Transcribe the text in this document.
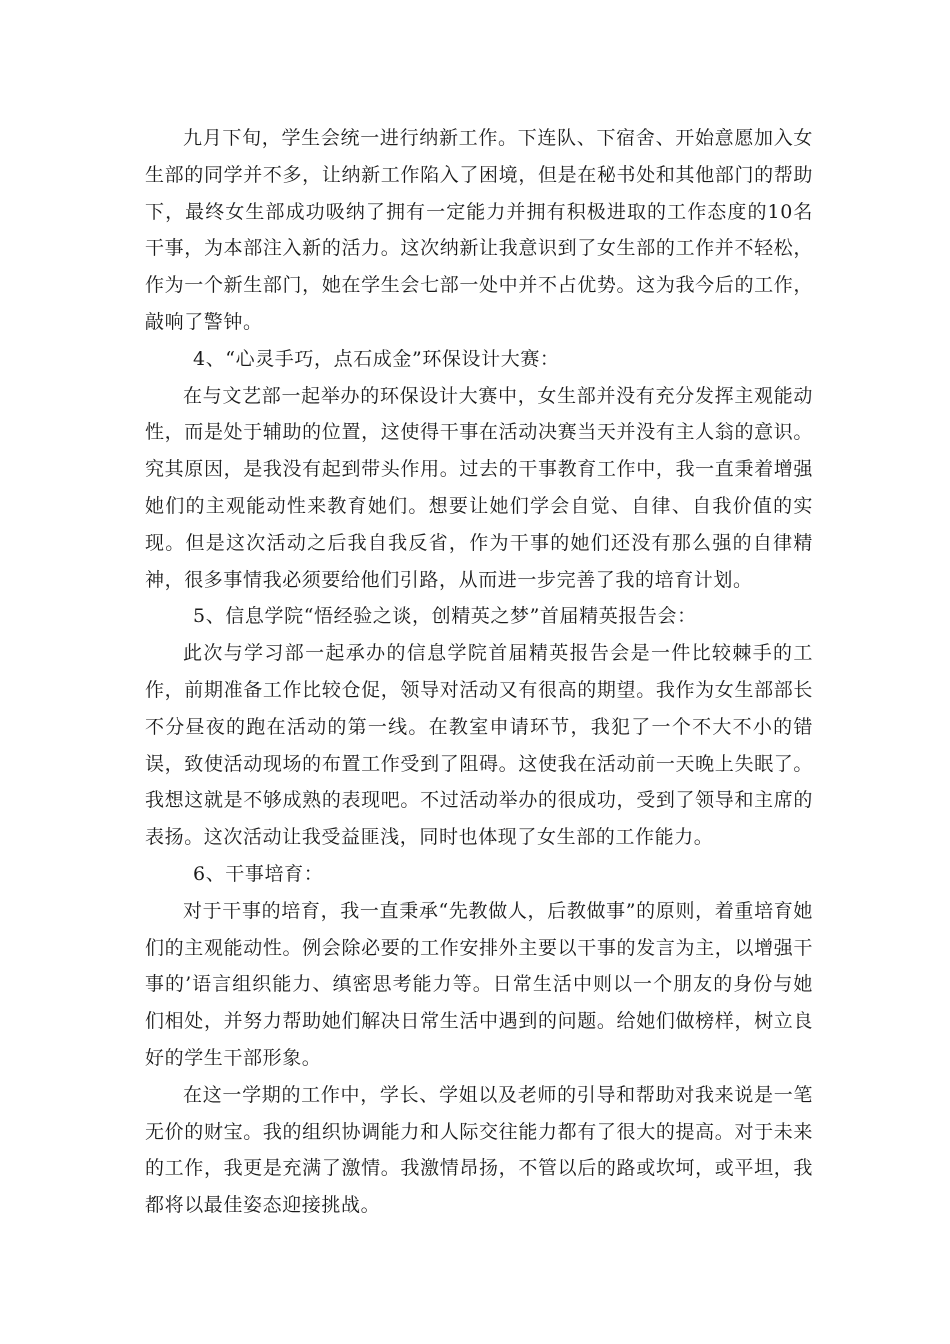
九月下旬，学生会统一进行纳新工作。下连队、下宿舍、开始意愿加入女生部的同学并不多，让纳新工作陷入了困境，但是在秘书处和其他部门的帮助下，最终女生部成功吸纳了拥有一定能力并拥有积极进取的工作态度的10名干事，为本部注入新的活力。这次纳新让我意识到了女生部的工作并不轻松，作为一个新生部门，她在学生会七部一处中并不占优势。这为我今后的工作，敲响了警钟。

4、“心灵手巧，点石成金”环保设计大赛：

在与文艺部一起举办的环保设计大赛中，女生部并没有充分发挥主观能动性，而是处于辅助的位置，这使得干事在活动决赛当天并没有主人翁的意识。究其原因，是我没有起到带头作用。过去的干事教育工作中，我一直秉着增强她们的主观能动性来教育她们。想要让她们学会自觉、自律、自我价值的实现。但是这次活动之后我自我反省，作为干事的她们还没有那么强的自律精神，很多事情我必须要给他们引路，从而进一步完善了我的培育计划。

5、信息学院“悟经验之谈，创精英之梦”首届精英报告会：

此次与学习部一起承办的信息学院首届精英报告会是一件比较棘手的工作，前期准备工作比较仓促，领导对活动又有很高的期望。我作为女生部部长不分昼夜的跑在活动的第一线。在教室申请环节，我犯了一个不大不小的错误，致使活动现场的布置工作受到了阻碍。这使我在活动前一天晚上失眠了。我想这就是不够成熟的表现吧。不过活动举办的很成功，受到了领导和主席的表扬。这次活动让我受益匪浅，同时也体现了女生部的工作能力。

6、干事培育：

对于干事的培育，我一直秉承“先教做人，后教做事”的原则，着重培育她们的主观能动性。例会除必要的工作安排外主要以干事的发言为主，以增强干事的’语言组织能力、缜密思考能力等。日常生活中则以一个朋友的身份与她们相处，并努力帮助她们解决日常生活中遇到的问题。给她们做榜样，树立良好的学生干部形象。

在这一学期的工作中，学长、学姐以及老师的引导和帮助对我来说是一笔无价的财宝。我的组织协调能力和人际交往能力都有了很大的提高。对于未来的工作，我更是充满了激情。我激情昂扬，不管以后的路或坎坷，或平坦，我都将以最佳姿态迎接挑战。
